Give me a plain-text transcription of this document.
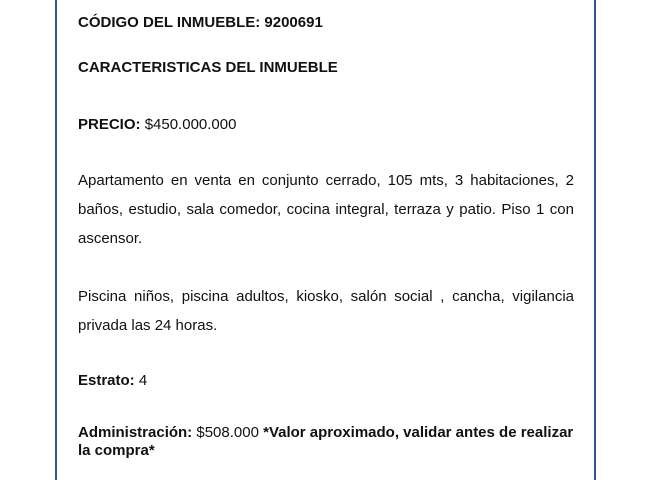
CÓDIGO DEL INMUEBLE: 9200691
CARACTERISTICAS DEL INMUEBLE
PRECIO: $450.000.000
Apartamento en venta en conjunto cerrado, 105 mts, 3 habitaciones, 2 baños, estudio, sala comedor, cocina integral, terraza y patio. Piso 1 con ascensor.
Piscina niños, piscina adultos, kiosko, salón social , cancha, vigilancia privada las 24 horas.
Estrato: 4
Administración: $508.000 *Valor aproximado, validar antes de realizar la compra*
